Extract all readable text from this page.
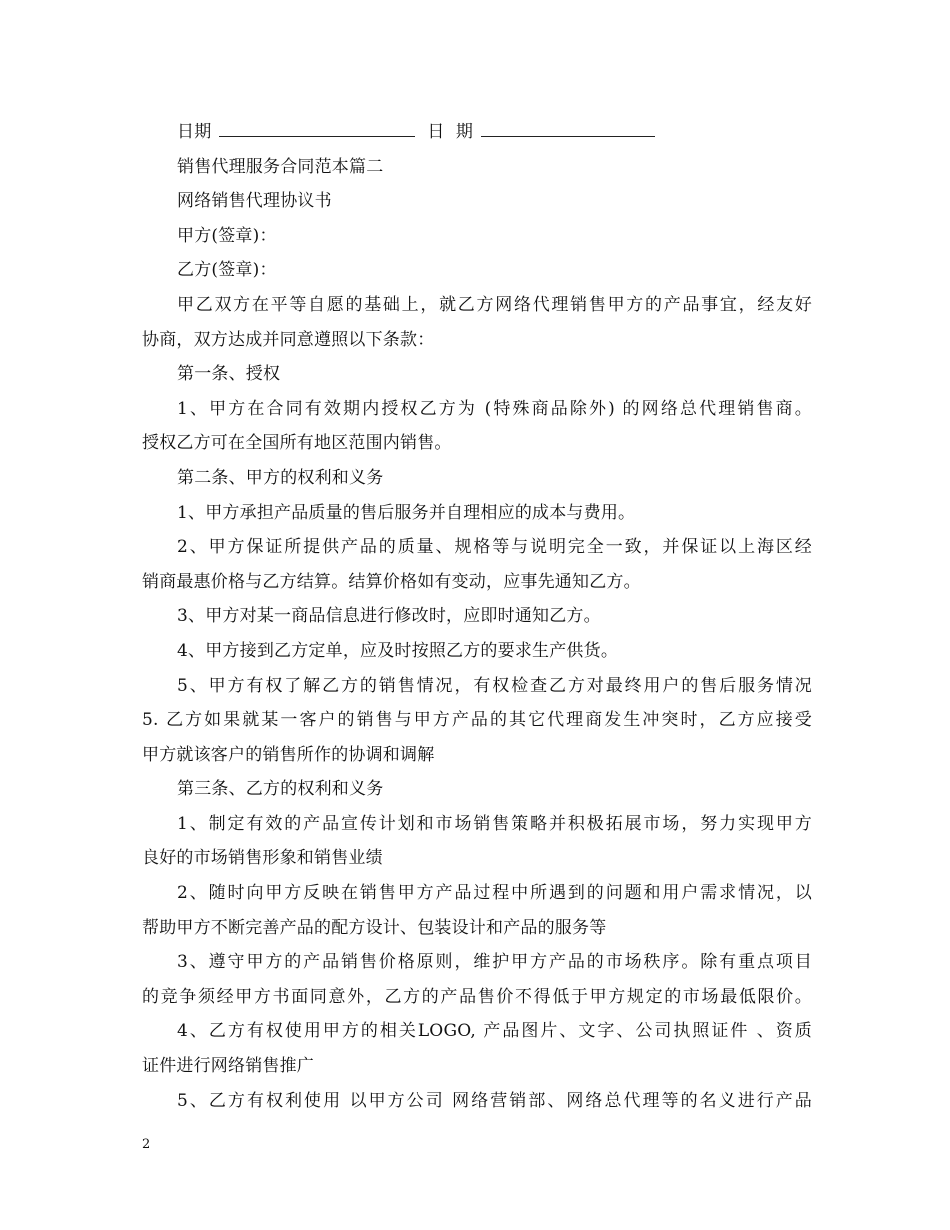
日期	日  期
销售代理服务合同范本篇二
网络销售代理协议书
甲方(签章)：
乙方(签章)：
甲乙双方在平等自愿的基础上，就乙方网络代理销售甲方的产品事宜，经友好
协商，双方达成并同意遵照以下条款：
第一条、授权
1、甲方在合同有效期内授权乙方为 (特殊商品除外) 的网络总代理销售商。
授权乙方可在全国所有地区范围内销售。
第二条、甲方的权利和义务
1、甲方承担产品质量的售后服务并自理相应的成本与费用。
2、甲方保证所提供产品的质量、规格等与说明完全一致，并保证以上海区经
销商最惠价格与乙方结算。结算价格如有变动，应事先通知乙方。
3、甲方对某一商品信息进行修改时，应即时通知乙方。
4、甲方接到乙方定单，应及时按照乙方的要求生产供货。
5、甲方有权了解乙方的销售情况，有权检查乙方对最终用户的售后服务情况
5. 乙方如果就某一客户的销售与甲方产品的其它代理商发生冲突时，乙方应接受
甲方就该客户的销售所作的协调和调解
第三条、乙方的权利和义务
1、制定有效的产品宣传计划和市场销售策略并积极拓展市场，努力实现甲方
良好的市场销售形象和销售业绩
2、随时向甲方反映在销售甲方产品过程中所遇到的问题和用户需求情况，以
帮助甲方不断完善产品的配方设计、包装设计和产品的服务等
3、遵守甲方的产品销售价格原则，维护甲方产品的市场秩序。除有重点项目
的竞争须经甲方书面同意外，乙方的产品售价不得低于甲方规定的市场最低限价。
4、乙方有权使用甲方的相关LOGO, 产品图片、文字、公司执照证件 、资质
证件进行网络销售推广
5、乙方有权利使用 以甲方公司 网络营销部、网络总代理等的名义进行产品
2
